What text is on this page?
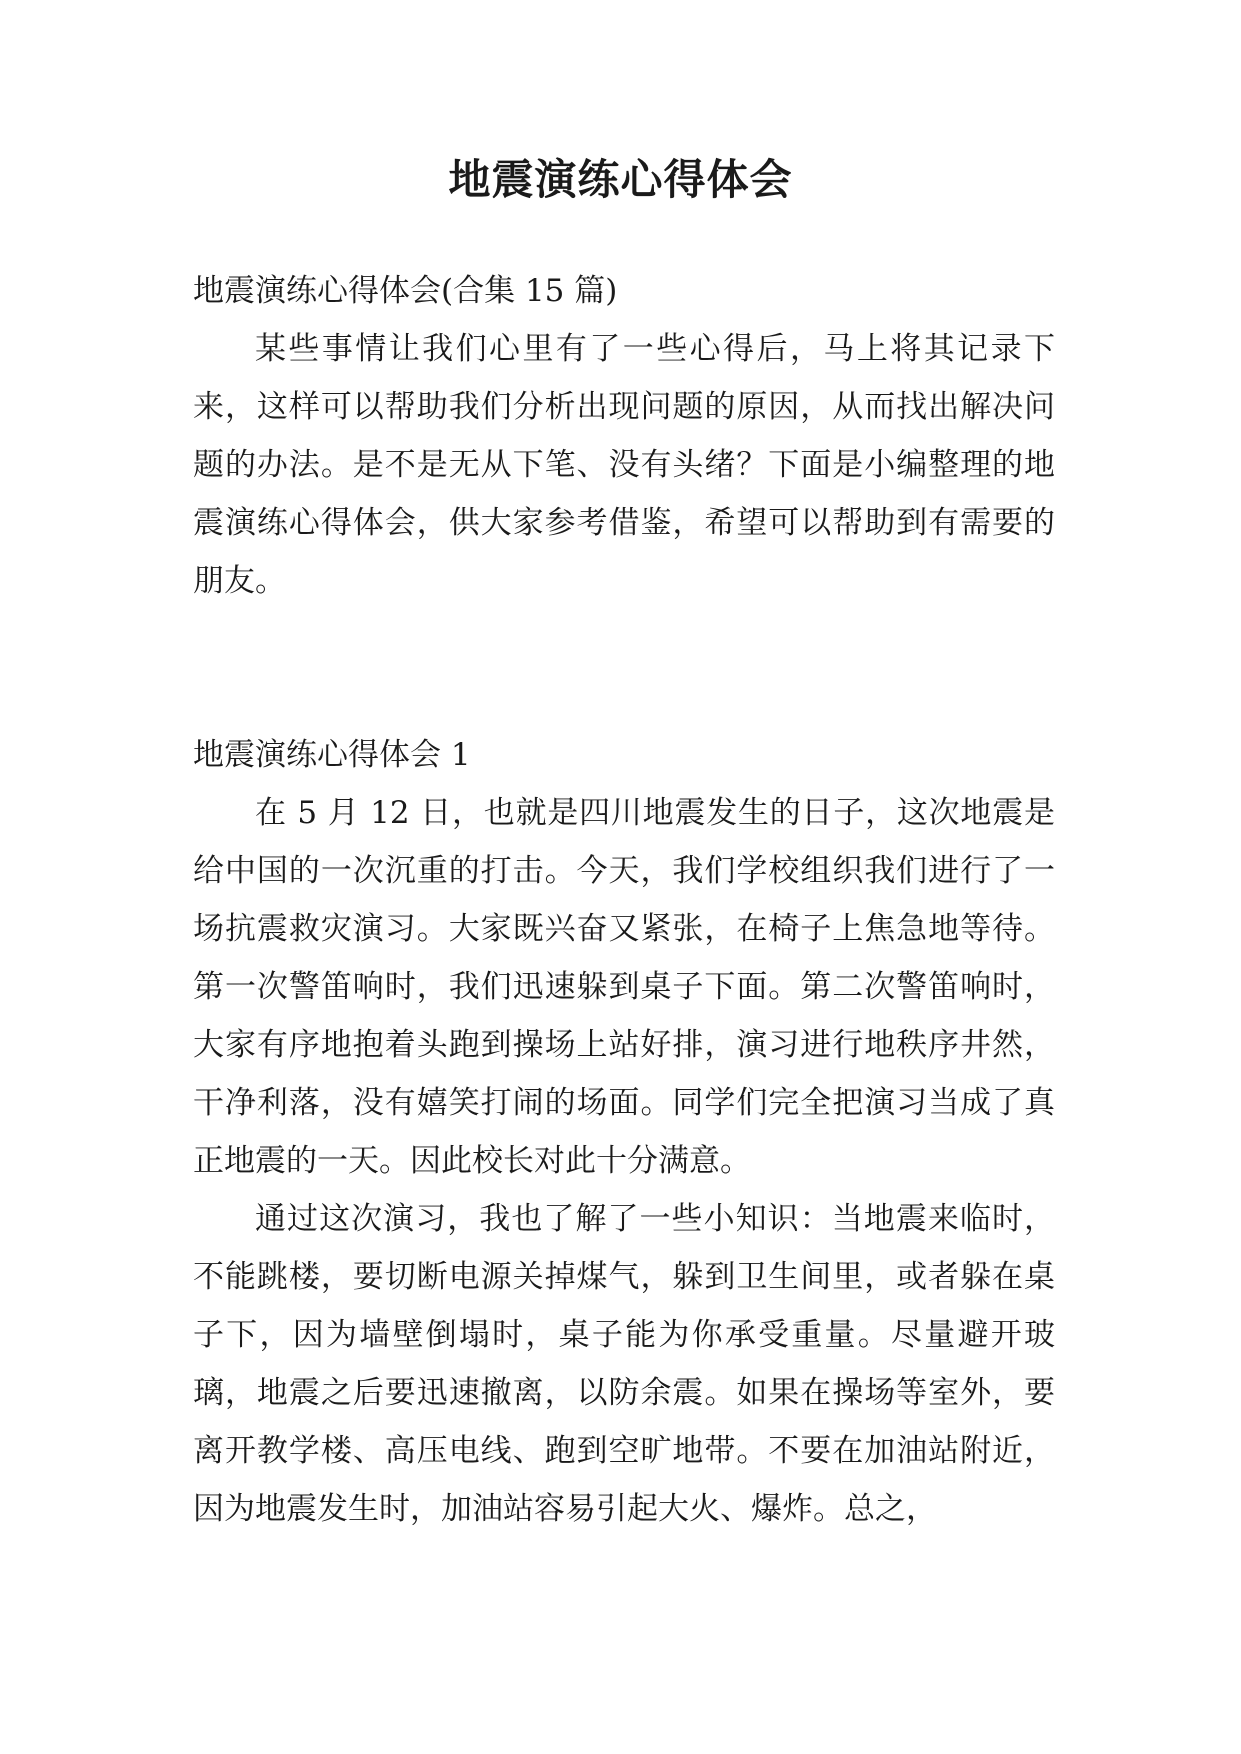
地震演练心得体会

地震演练心得体会(合集 15 篇)

某些事情让我们心里有了一些心得后，马上将其记录下来，这样可以帮助我们分析出现问题的原因，从而找出解决问题的办法。是不是无从下笔、没有头绪？下面是小编整理的地震演练心得体会，供大家参考借鉴，希望可以帮助到有需要的朋友。

地震演练心得体会 1

在 5 月 12 日，也就是四川地震发生的日子，这次地震是给中国的一次沉重的打击。今天，我们学校组织我们进行了一场抗震救灾演习。大家既兴奋又紧张，在椅子上焦急地等待。第一次警笛响时，我们迅速躲到桌子下面。第二次警笛响时，大家有序地抱着头跑到操场上站好排，演习进行地秩序井然，干净利落，没有嬉笑打闹的场面。同学们完全把演习当成了真正地震的一天。因此校长对此十分满意。

通过这次演习，我也了解了一些小知识：当地震来临时，不能跳楼，要切断电源关掉煤气，躲到卫生间里，或者躲在桌子下，因为墙壁倒塌时，桌子能为你承受重量。尽量避开玻璃，地震之后要迅速撤离，以防余震。如果在操场等室外，要离开教学楼、高压电线、跑到空旷地带。不要在加油站附近，因为地震发生时，加油站容易引起大火、爆炸。总之，
